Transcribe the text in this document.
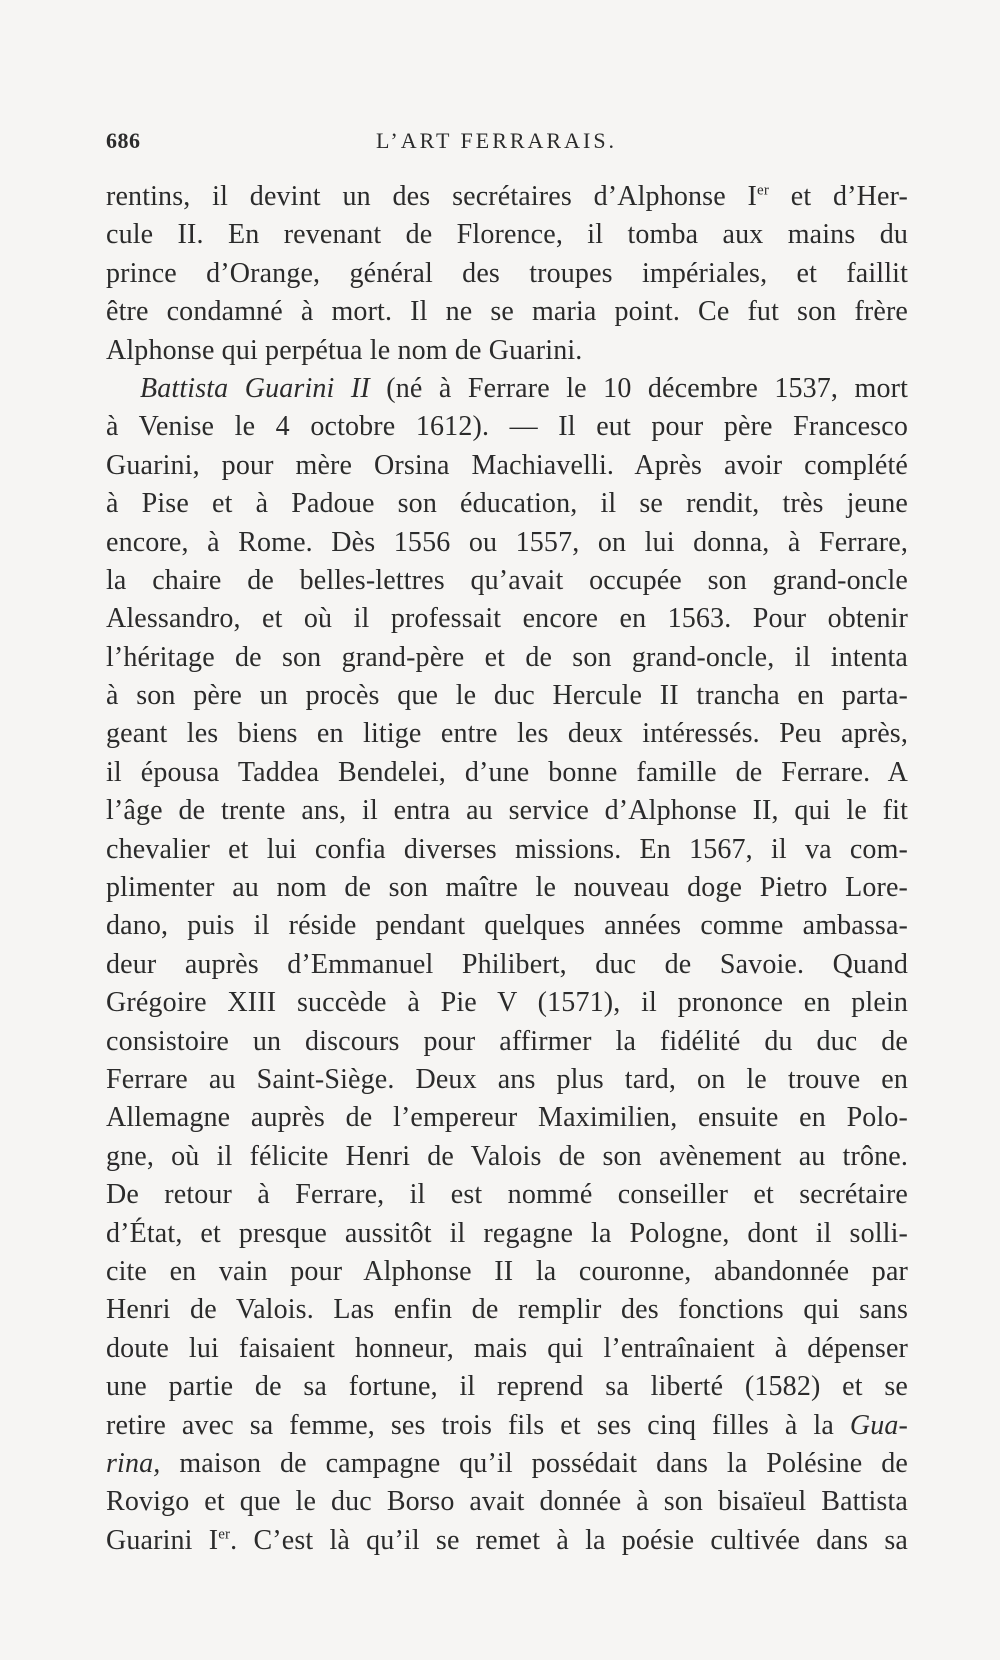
686	L’ART FERRARAIS.
rentins, il devint un des secrétaires d’Alphonse Ier et d’Her-
cule II. En revenant de Florence, il tomba aux mains du
prince d’Orange, général des troupes impériales, et faillit
être condamné à mort. Il ne se maria point. Ce fut son frère
Alphonse qui perpétua le nom de Guarini.
Battista Guarini II (né à Ferrare le 10 décembre 1537, mort
à Venise le 4 octobre 1612). — Il eut pour père Francesco
Guarini, pour mère Orsina Machiavelli. Après avoir complété
à Pise et à Padoue son éducation, il se rendit, très jeune
encore, à Rome. Dès 1556 ou 1557, on lui donna, à Ferrare,
la chaire de belles-lettres qu’avait occupée son grand-oncle
Alessandro, et où il professait encore en 1563. Pour obtenir
l’héritage de son grand-père et de son grand-oncle, il intenta
à son père un procès que le duc Hercule II trancha en parta-
geant les biens en litige entre les deux intéressés. Peu après,
il épousa Taddea Bendelei, d’une bonne famille de Ferrare. A
l’âge de trente ans, il entra au service d’Alphonse II, qui le fit
chevalier et lui confia diverses missions. En 1567, il va com-
plimenter au nom de son maître le nouveau doge Pietro Lore-
dano, puis il réside pendant quelques années comme ambassa-
deur auprès d’Emmanuel Philibert, duc de Savoie. Quand
Grégoire XIII succède à Pie V (1571), il prononce en plein
consistoire un discours pour affirmer la fidélité du duc de
Ferrare au Saint-Siège. Deux ans plus tard, on le trouve en
Allemagne auprès de l’empereur Maximilien, ensuite en Polo-
gne, où il félicite Henri de Valois de son avènement au trône.
De retour à Ferrare, il est nommé conseiller et secrétaire
d’État, et presque aussitôt il regagne la Pologne, dont il solli-
cite en vain pour Alphonse II la couronne, abandonnée par
Henri de Valois. Las enfin de remplir des fonctions qui sans
doute lui faisaient honneur, mais qui l’entraînaient à dépenser
une partie de sa fortune, il reprend sa liberté (1582) et se
retire avec sa femme, ses trois fils et ses cinq filles à la Gua-
rina, maison de campagne qu’il possédait dans la Polésine de
Rovigo et que le duc Borso avait donnée à son bisaïeul Battista
Guarini Ier. C’est là qu’il se remet à la poésie cultivée dans sa
